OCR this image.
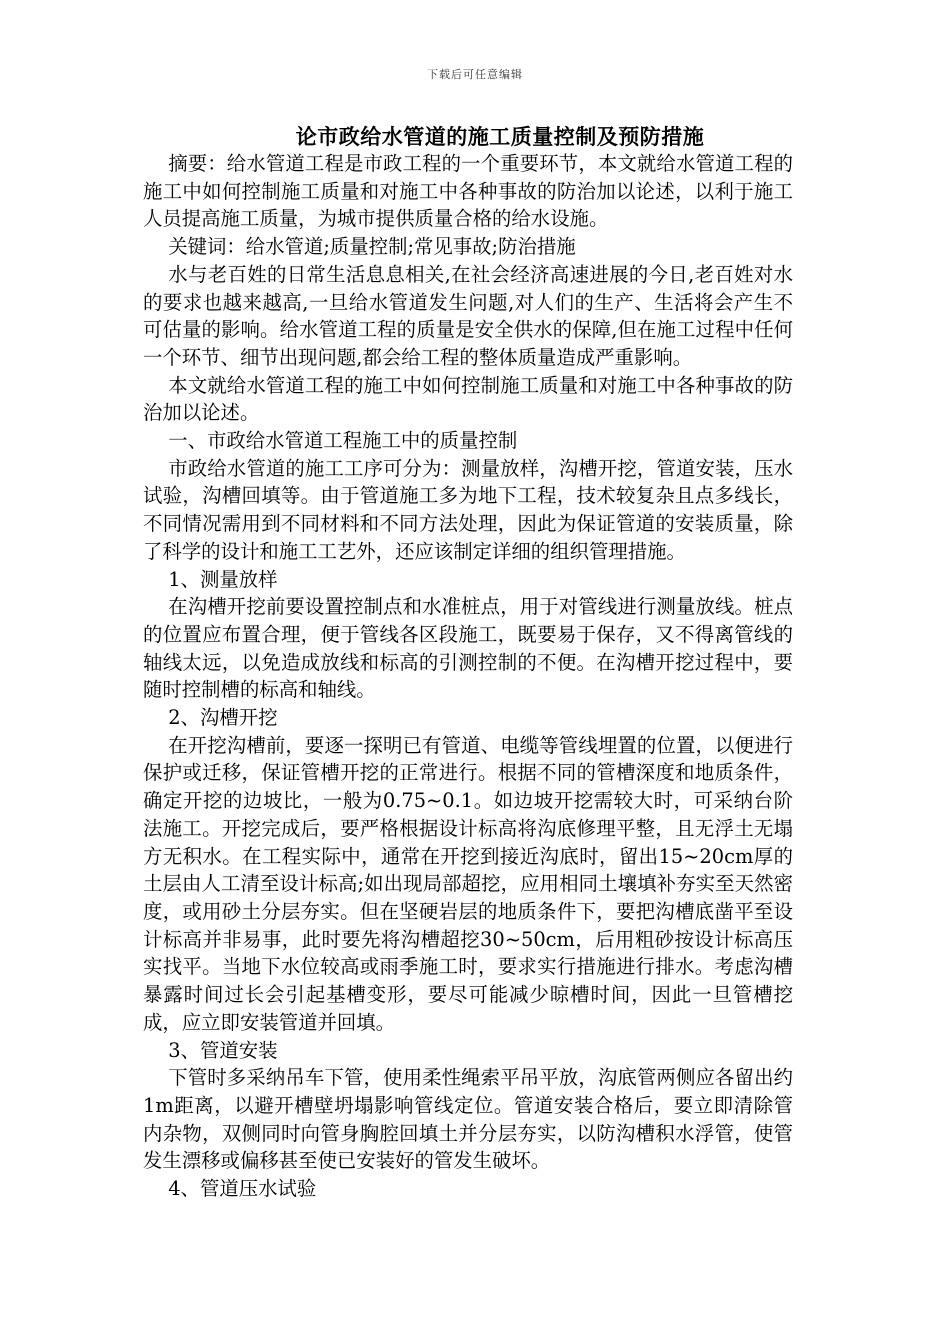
下载后可任意编辑
论市政给水管道的施工质量控制及预防措施

摘要：给水管道工程是市政工程的一个重要环节，本文就给水管道工程的施工中如何控制施工质量和对施工中各种事故的防治加以论述，以利于施工人员提高施工质量，为城市提供质量合格的给水设施。

关键词：给水管道;质量控制;常见事故;防治措施

水与老百姓的日常生活息息相关,在社会经济高速进展的今日,老百姓对水的要求也越来越高,一旦给水管道发生问题,对人们的生产、生活将会产生不可估量的影响。给水管道工程的质量是安全供水的保障,但在施工过程中任何一个环节、细节出现问题,都会给工程的整体质量造成严重影响。

本文就给水管道工程的施工中如何控制施工质量和对施工中各种事故的防治加以论述。

一、市政给水管道工程施工中的质量控制

市政给水管道的施工工序可分为：测量放样，沟槽开挖，管道安装，压水试验，沟槽回填等。由于管道施工多为地下工程，技术较复杂且点多线长，不同情况需用到不同材料和不同方法处理，因此为保证管道的安装质量，除了科学的设计和施工工艺外，还应该制定详细的组织管理措施。

1、测量放样

在沟槽开挖前要设置控制点和水准桩点，用于对管线进行测量放线。桩点的位置应布置合理，便于管线各区段施工，既要易于保存，又不得离管线的轴线太远，以免造成放线和标高的引测控制的不便。在沟槽开挖过程中，要随时控制槽的标高和轴线。

2、沟槽开挖

在开挖沟槽前，要逐一探明已有管道、电缆等管线埋置的位置，以便进行保护或迁移，保证管槽开挖的正常进行。根据不同的管槽深度和地质条件，确定开挖的边坡比，一般为0.75~0.1。如边坡开挖需较大时，可采纳台阶法施工。开挖完成后，要严格根据设计标高将沟底修理平整，且无浮土无塌方无积水。在工程实际中，通常在开挖到接近沟底时，留出15~20cm厚的土层由人工清至设计标高;如出现局部超挖，应用相同土壤填补夯实至天然密度，或用砂土分层夯实。但在坚硬岩层的地质条件下，要把沟槽底凿平至设计标高并非易事，此时要先将沟槽超挖30~50cm，后用粗砂按设计标高压实找平。当地下水位较高或雨季施工时，要求实行措施进行排水。考虑沟槽暴露时间过长会引起基槽变形，要尽可能减少晾槽时间，因此一旦管槽挖成，应立即安装管道并回填。

3、管道安装

下管时多采纳吊车下管，使用柔性绳索平吊平放，沟底管两侧应各留出约1m距离，以避开槽壁坍塌影响管线定位。管道安装合格后，要立即清除管内杂物，双侧同时向管身胸腔回填土并分层夯实，以防沟槽积水浮管，使管发生漂移或偏移甚至使已安装好的管发生破坏。

4、管道压水试验
